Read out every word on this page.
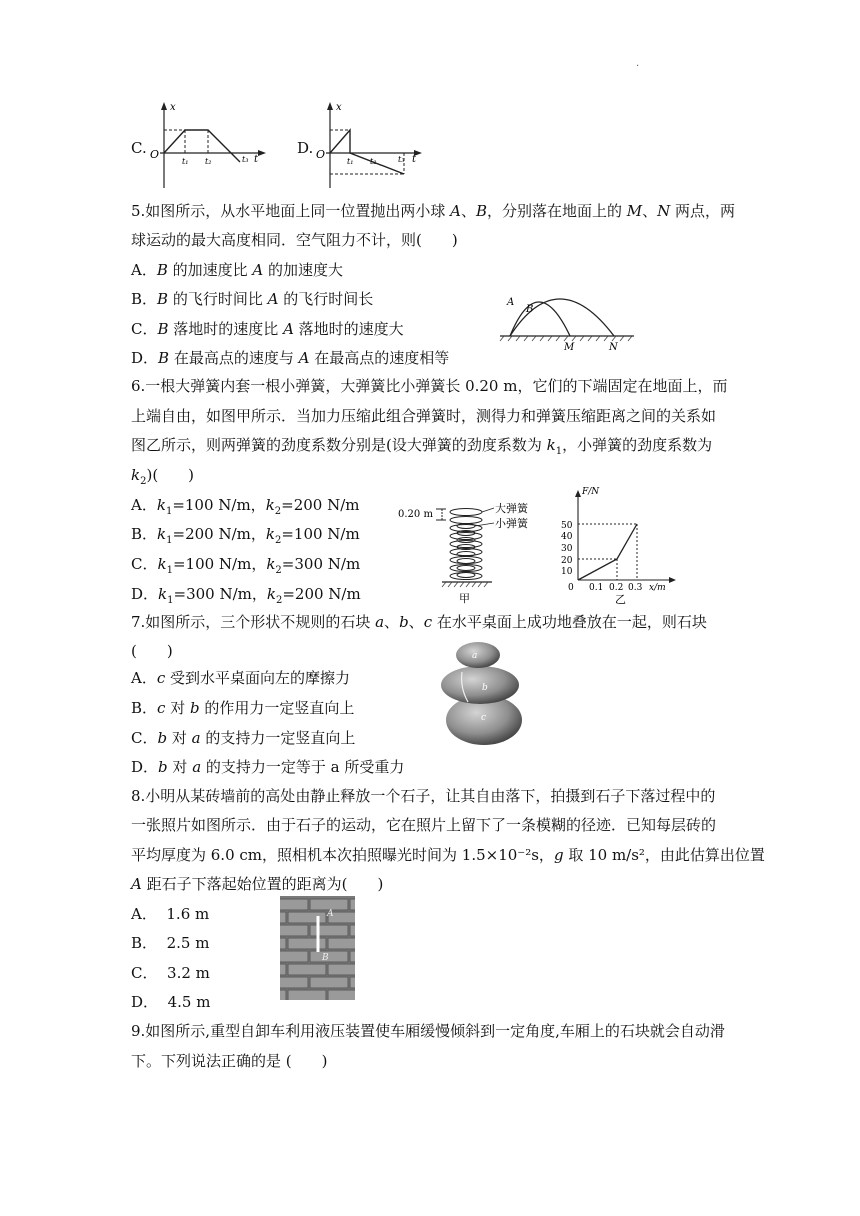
.
C.
x
O
t₁ t₂	t₃ t
D.
x
O
t₁ t₂	t₃ t
5.如图所示，从水平地面上同一位置抛出两小球 A、B，分别落在地面上的 M、N 两点，两
球运动的最大高度相同．空气阻力不计，则(　　)
A．B 的加速度比 A 的加速度大
B．B 的飞行时间比 A 的飞行时间长
C．B 落地时的速度比 A 落地时的速度大
D．B 在最高点的速度与 A 在最高点的速度相等
A
B
M	N
6.一根大弹簧内套一根小弹簧，大弹簧比小弹簧长 0.20 m，它们的下端固定在地面上，而
上端自由，如图甲所示．当加力压缩此组合弹簧时，测得力和弹簧压缩距离之间的关系如
图乙所示，则两弹簧的劲度系数分别是(设大弹簧的劲度系数为 $k_1$，小弹簧的劲度系数为
$k_2$)(　　)
A．$k_1=100$ N/m，$k_2=200$ N/m
B．$k_1=200$ N/m，$k_2=100$ N/m
C．$k_1=100$ N/m，$k_2=300$ N/m
D．$k_1=300$ N/m，$k_2=200$ N/m
0.20 m	大弹簧
小弹簧
甲
F/N
50
40
30
20
10
0 0.1 0.2 0.3 x/m
乙
7.如图所示，三个形状不规则的石块 a、b、c 在水平桌面上成功地叠放在一起，则石块
(　　)
A．c 受到水平桌面向左的摩擦力
B．c 对 b 的作用力一定竖直向上
C．b 对 a 的支持力一定竖直向上
D．b 对 a 的支持力一定等于 a 所受重力
a
b
c
8.小明从某砖墙前的高处由静止释放一个石子，让其自由落下，拍摄到石子下落过程中的
一张照片如图所示．由于石子的运动，它在照片上留下了一条模糊的径迹．已知每层砖的
平均厚度为 6.0 cm，照相机本次拍照曝光时间为 1.5×10⁻²s，g 取 10 m/s²，由此估算出位置
A 距石子下落起始位置的距离为(　　)
A． 1.6 m
B． 2.5 m
C． 3.2 m
D． 4.5 m
A
B
9.如图所示,重型自卸车利用液压装置使车厢缓慢倾斜到一定角度,车厢上的石块就会自动滑
下。下列说法正确的是 (　　)
